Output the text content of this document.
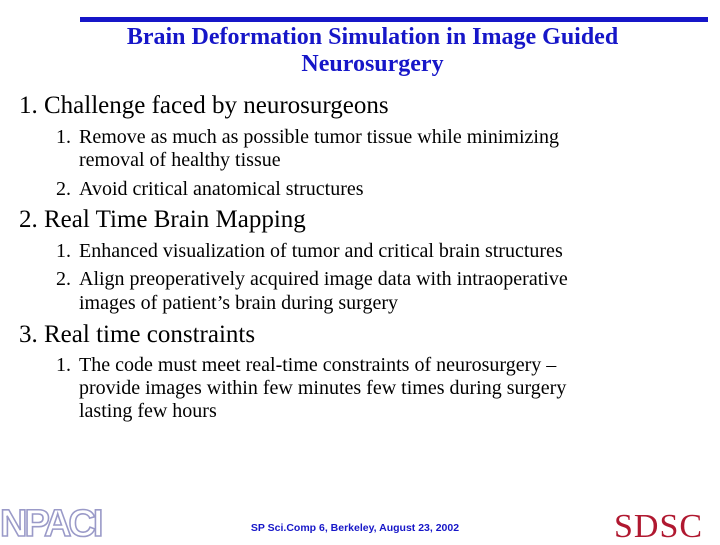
Brain Deformation Simulation in Image Guided
Neurosurgery
1. Challenge faced by neurosurgeons
1. Remove as much as possible tumor tissue while minimizing
removal of healthy tissue
2. Avoid critical anatomical structures
2. Real Time Brain Mapping
1. Enhanced visualization of tumor and critical brain structures
2. Align preoperatively acquired image data with intraoperative
images of patient’s brain during surgery
3. Real time constraints
1. The code must meet real-time constraints of neurosurgery –
provide images within few minutes few times during surgery
lasting few hours
SP Sci.Comp 6, Berkeley, August 23, 2002
NPACI	SDSC
